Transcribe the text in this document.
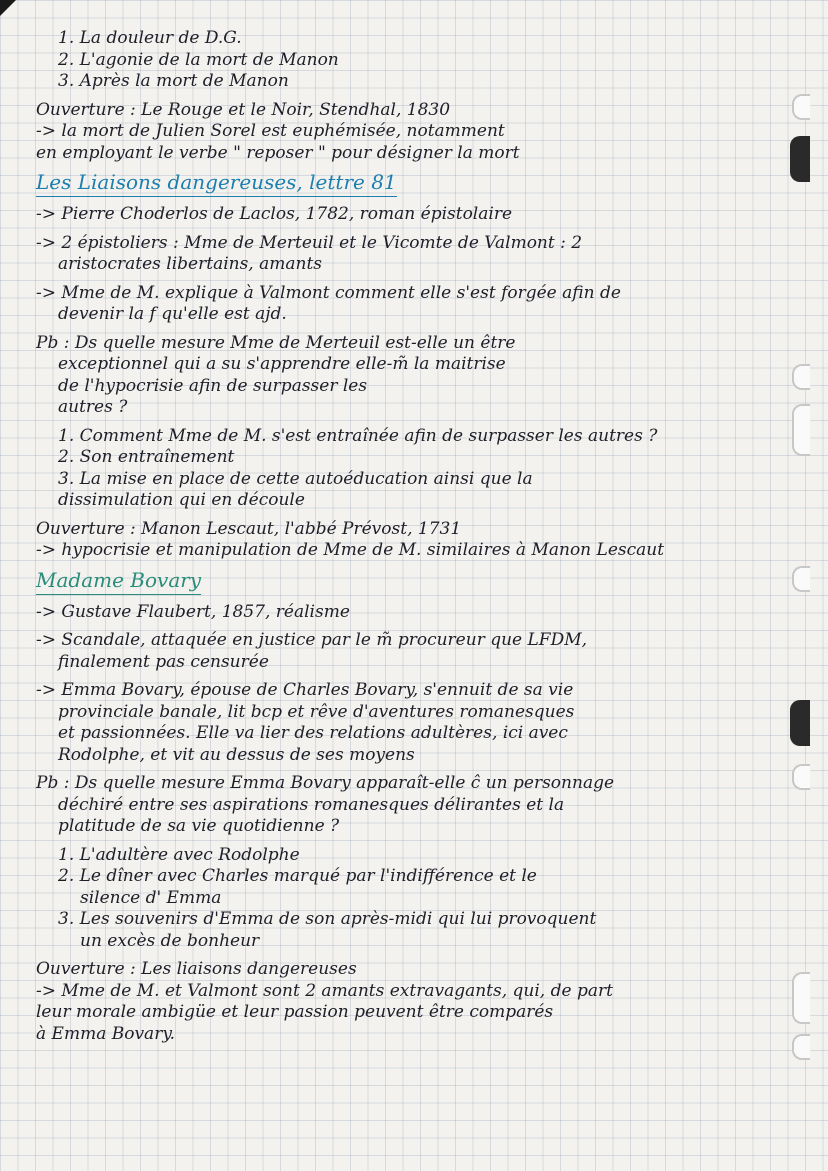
1. La douleur de D.G.
2. L'agonie de la mort de Manon
3. Après la mort de Manon
Ouverture : Le Rouge et le Noir, Stendhal, 1830
-> la mort de Julien Sorel est euphémisée, notamment
en employant le verbe " reposer " pour désigner la mort
Les Liaisons dangereuses, lettre 81
-> Pierre Choderlos de Laclos, 1782, roman épistolaire
-> 2 épistoliers : Mme de Merteuil et le Vicomte de Valmont : 2
aristocrates libertains, amants
-> Mme de M. explique à Valmont comment elle s'est forgée afin de
devenir la f qu'elle est ajd.
Pb : Ds quelle mesure Mme de Merteuil est-elle un être
exceptionnel qui a su s'apprendre elle-m̃ la maitrise
de l'hypocrisie afin de surpasser les
autres ?
1. Comment Mme de M. s'est entraînée afin de surpasser les autres ?
2. Son entraînement
3. La mise en place de cette autoéducation ainsi que la
dissimulation qui en découle
Ouverture : Manon Lescaut, l'abbé Prévost, 1731
-> hypocrisie et manipulation de Mme de M. similaires à Manon Lescaut
Madame Bovary
-> Gustave Flaubert, 1857, réalisme
-> Scandale, attaquée en justice par le m̃ procureur que LFDM,
finalement pas censurée
-> Emma Bovary, épouse de Charles Bovary, s'ennuit de sa vie
provinciale banale, lit bcp et rêve d'aventures romanesques
et passionnées. Elle va lier des relations adultères, ici avec
Rodolphe, et vit au dessus de ses moyens
Pb : Ds quelle mesure Emma Bovary apparaît-elle ĉ un personnage
déchiré entre ses aspirations romanesques délirantes et la
platitude de sa vie quotidienne ?
1. L'adultère avec Rodolphe
2. Le dîner avec Charles marqué par l'indifférence et le
silence d' Emma
3. Les souvenirs d'Emma de son après-midi qui lui provoquent
un excès de bonheur
Ouverture : Les liaisons dangereuses
-> Mme de M. et Valmont sont 2 amants extravagants, qui, de part
leur morale ambigüe et leur passion peuvent être comparés
à Emma Bovary.
